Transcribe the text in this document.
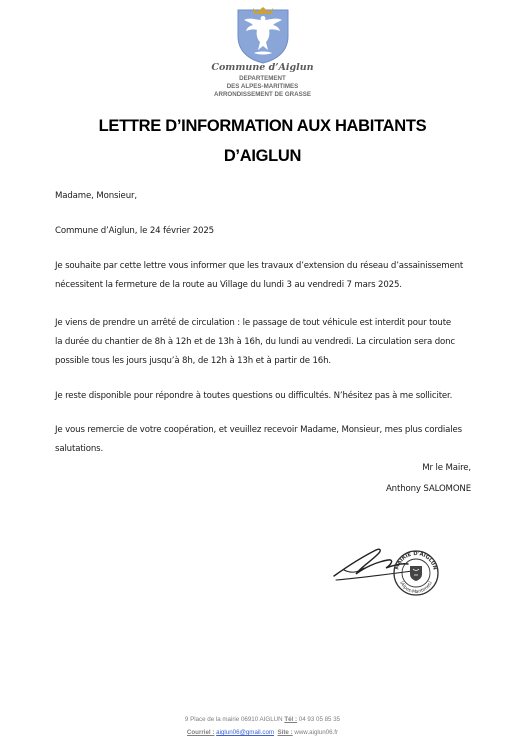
Commune d’Aiglun
DEPARTEMENT
DES ALPES-MARITIMES
ARRONDISSEMENT DE GRASSE
LETTRE D’INFORMATION AUX HABITANTS
D’AIGLUN
Madame, Monsieur,
Commune d’Aiglun, le 24 février 2025
Je souhaite par cette lettre vous informer que les travaux d’extension du réseau d’assainissement
nécessitent la fermeture de la route au Village du lundi 3 au vendredi 7 mars 2025.
Je viens de prendre un arrêté de circulation : le passage de tout véhicule est interdit pour toute
la durée du chantier de 8h à 12h et de 13h à 16h, du lundi au vendredi. La circulation sera donc
possible tous les jours jusqu’à 8h, de 12h à 13h et à partir de 16h.
Je reste disponible pour répondre à toutes questions ou difficultés. N’hésitez pas à me solliciter.
Je vous remercie de votre coopération, et veuillez recevoir Madame, Monsieur, mes plus cordiales
salutations.
Mr le Maire,
Anthony SALOMONE
MAIRIE D'AIGLUN
(Alpes-Maritimes)
9 Place de la mairie 06910 AIGLUN Tél : 04 93 05 85 35
Courriel : aiglun06@gmail.com Site : www.aiglun06.fr
